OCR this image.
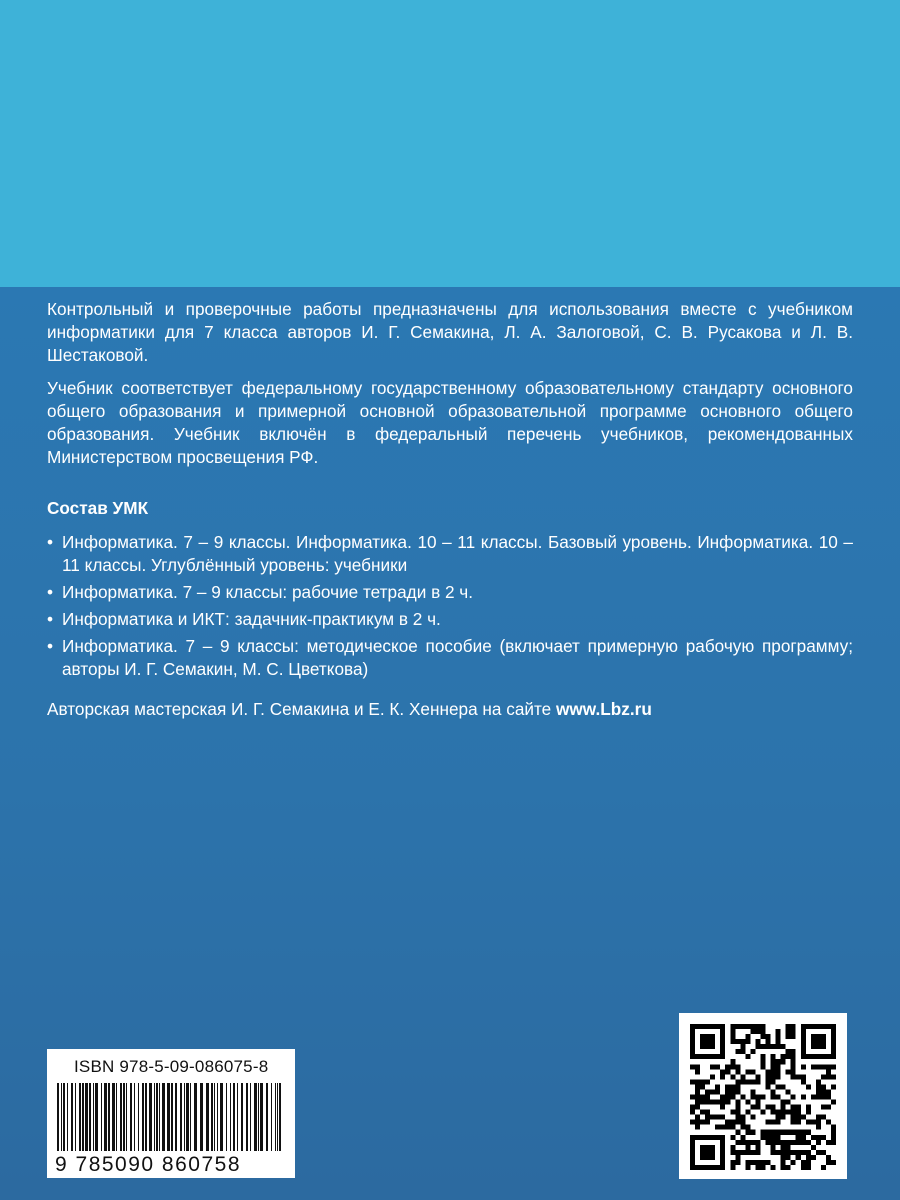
Контрольный и проверочные работы предназначены для использования вместе с учебником информатики для 7 класса авторов И. Г. Семакина, Л. А. Залоговой, С. В. Русакова и Л. В. Шестаковой.

Учебник соответствует федеральному государственному образовательному стандарту основного общего образования и примерной основной образовательной программе основного общего образования. Учебник включён в федеральный перечень учебников, рекомендованных Министерством просвещения РФ.

Состав УМК
• Информатика. 7 – 9 классы. Информатика. 10 – 11 классы. Базовый уровень. Информатика. 10 – 11 классы. Углублённый уровень: учебники
• Информатика. 7 – 9 классы: рабочие тетради в 2 ч.
• Информатика и ИКТ: задачник-практикум в 2 ч.
• Информатика. 7 – 9 классы: методическое пособие (включает примерную рабочую программу; авторы И. Г. Семакин, М. С. Цветкова)
Авторская мастерская И. Г. Семакина и Е. К. Хеннера на сайте www.Lbz.ru
ISBN 978-5-09-086075-8
9 785090 860758
